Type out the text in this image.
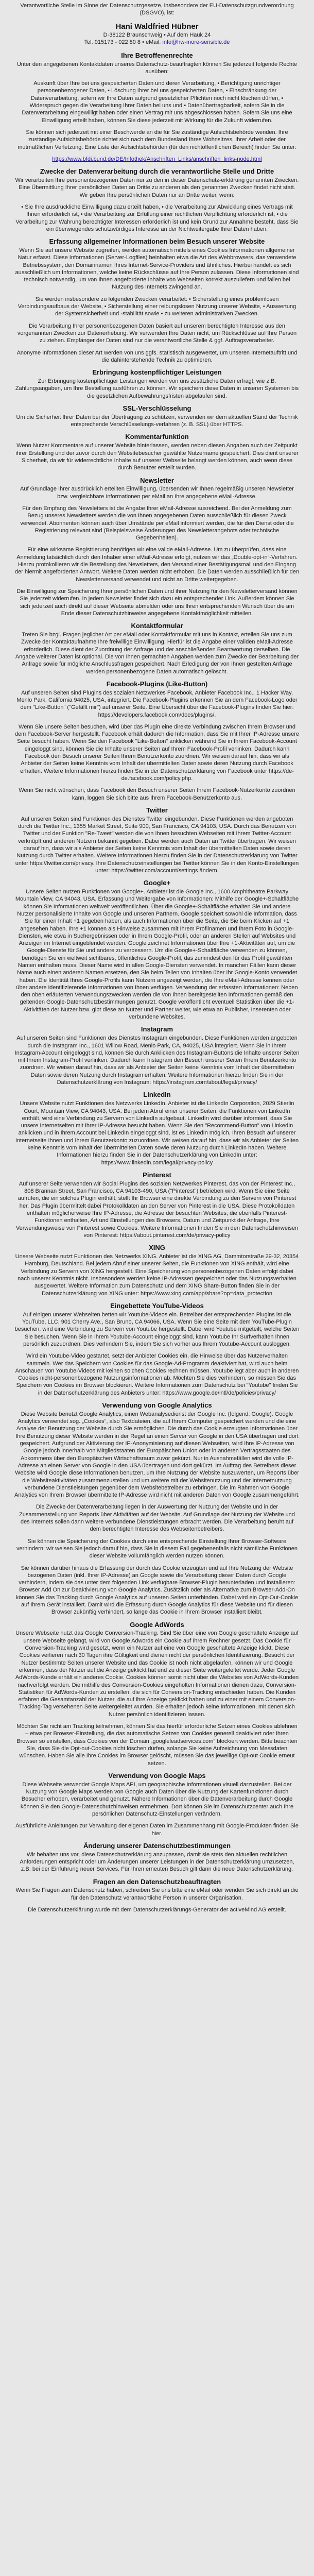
Verantwortliche Stelle im Sinne der Datenschutzgesetze, insbesondere der EU-Datenschutzgrundverordnung (DSGVO), ist:

Hani Waldfried Hübner

D-38122 Braunschweig • Auf dem Hauk 24
Tel. 015173 - 022 80 8 • eMail: info@hw-more-sensible.de

Ihre Betroffenenrechte

Unter den angegebenen Kontaktdaten unseres Datenschutz-beauftragten können Sie jederzeit folgende Rechte ausüben:

Auskunft über Ihre bei uns gespeicherten Daten und deren Verarbeitung, • Berichtigung unrichtiger personenbezogener Daten, • Löschung Ihrer bei uns gespeicherten Daten, • Einschränkung der Datenverarbeitung, sofern wir Ihre Daten aufgrund gesetzlicher Pflichten noch nicht löschen dürfen, • Widerspruch gegen die Verarbeitung Ihrer Daten bei uns und • Datenübertragbarkeit, sofern Sie in die Datenverarbeitung eingewilligt haben oder einen Vertrag mit uns abgeschlossen haben. Sofern Sie uns eine Einwilligung erteilt haben, können Sie diese jederzeit mit Wirkung für die Zukunft widerrufen.

Sie können sich jederzeit mit einer Beschwerde an die für Sie zuständige Aufsichtsbehörde wenden. Ihre zuständige Aufsichtsbehörde richtet sich nach dem Bundesland Ihres Wohnsitzes, Ihrer Arbeit oder der mutmaßlichen Verletzung. Eine Liste der Aufsichtsbehörden (für den nichtöffentlichen Bereich) finden Sie unter:

https://www.bfdi.bund.de/DE/Infothek/Anschriften_Links/anschriften_links-node.html

Zwecke der Datenverarbeitung durch die verantwortliche Stelle und Dritte

Wir verarbeiten Ihre personenbezogenen Daten nur zu den in dieser Datenschutz-erklärung genannten Zwecken. Eine Übermittlung Ihrer persönlichen Daten an Dritte zu anderen als den genannten Zwecken findet nicht statt. Wir geben Ihre persönlichen Daten nur an Dritte weiter, wenn:

• Sie Ihre ausdrückliche Einwilligung dazu erteilt haben, • die Verarbeitung zur Abwicklung eines Vertrags mit Ihnen erforderlich ist, • die Verarbeitung zur Erfüllung einer rechtlichen Verpflichtung erforderlich ist, • die Verarbeitung zur Wahrung berechtigter Interessen erforderlich ist und kein Grund zur Annahme besteht, dass Sie ein überwiegendes schutzwürdiges Interesse an der Nichtweitergabe Ihrer Daten haben.

Erfassung allgemeiner Informationen beim Besuch unserer Website

Wenn Sie auf unsere Website zugreifen, werden automatisch mittels eines Cookies Informationen allgemeiner Natur erfasst. Diese Informationen (Server-Logfiles) beinhalten etwa die Art des Webbrowsers, das verwendete Betriebssystem, den Domainnamen Ihres Internet-Service-Providers und ähnliches. Hierbei handelt es sich ausschließlich um Informationen, welche keine Rückschlüsse auf Ihre Person zulassen. Diese Informationen sind technisch notwendig, um von Ihnen angeforderte Inhalte von Webseiten korrekt auszuliefern und fallen bei Nutzung des Internets zwingend an.

Sie werden insbesondere zu folgenden Zwecken verarbeitet: • Sicherstellung eines problemlosen Verbindungsaufbaus der Website, • Sicherstellung einer reibungslosen Nutzung unserer Website, • Auswertung der Systemsicherheit und -stabilität sowie • zu weiteren administrativen Zwecken.

Die Verarbeitung Ihrer personenbezogenen Daten basiert auf unserem berechtigten Interesse aus den vorgenannten Zwecken zur Datenerhebung. Wir verwenden Ihre Daten nicht, um Rückschlüsse auf Ihre Person zu ziehen. Empfänger der Daten sind nur die verantwortliche Stelle & ggf. Auftragsverarbeiter.

Anonyme Informationen dieser Art werden von uns ggfs. statistisch ausgewertet, um unseren Internetauftritt und die dahinterstehende Technik zu optimieren.

Erbringung kostenpflichtiger Leistungen

Zur Erbringung kostenpflichtiger Leistungen werden von uns zusätzliche Daten erfragt, wie z.B. Zahlungsangaben, um Ihre Bestellung ausführen zu können. Wir speichern diese Daten in unseren Systemen bis die gesetzlichen Aufbewahrungsfristen abgelaufen sind.

SSL-Verschlüsselung

Um die Sicherheit Ihrer Daten bei der Übertragung zu schützen, verwenden wir dem aktuellen Stand der Technik entsprechende Verschlüsselungs-verfahren (z. B. SSL) über HTTPS.

Kommentarfunktion

Wenn Nutzer Kommentare auf unserer Website hinterlassen, werden neben diesen Angaben auch der Zeitpunkt ihrer Erstellung und der zuvor durch den Websitebesucher gewählte Nutzername gespeichert. Dies dient unserer Sicherheit, da wir für widerrechtliche Inhalte auf unserer Webseite belangt werden können, auch wenn diese durch Benutzer erstellt wurden.

Newsletter

Auf Grundlage Ihrer ausdrücklich erteilten Einwilligung, übersenden wir Ihnen regelmäßig unseren Newsletter bzw. vergleichbare Informationen per eMail an Ihre angegebene eMail-Adresse.

Für den Empfang des Newsletters ist die Angabe Ihrer eMail-Adresse ausreichend. Bei der Anmeldung zum Bezug unseres Newsletters werden die von Ihnen angegebenen Daten ausschließlich für diesen Zweck verwendet. Abonnenten können auch über Umstände per eMail informiert werden, die für den Dienst oder die Registrierung relevant sind (Beispielsweise Änderungen des Newsletterangebots oder technische Gegebenheiten).

Für eine wirksame Registrierung benötigen wir eine valide eMail-Adresse. Um zu überprüfen, dass eine Anmeldung tatsächlich durch den Inhaber einer eMail-Adresse erfolgt, nutzen wir das „Double-opt-in“-Verfahren. Hierzu protokollieren wir die Bestellung des Newsletters, den Versand einer Bestätigungsmail und den Eingang der hiermit angeforderten Antwort. Weitere Daten werden nicht erhoben. Die Daten werden ausschließlich für den Newsletterversand verwendet und nicht an Dritte weitergegeben.

Die Einwilligung zur Speicherung Ihrer persönlichen Daten und ihrer Nutzung für den Newsletterversand können Sie jederzeit widerrufen. In jedem Newsletter findet sich dazu ein entsprechender Link. Außerdem können Sie sich jederzeit auch direkt auf dieser Webseite abmelden oder uns Ihren entsprechenden Wunsch über die am Ende dieser Datenschutzhinweise angegebene Kontaktmöglichkeit mitteilen.

Kontaktformular

Treten Sie bzgl. Fragen jeglicher Art per eMail oder Kontaktformular mit uns in Kontakt, erteilen Sie uns zum Zwecke der Kontaktaufnahme Ihre freiwillige Einwilligung. Hierfür ist die Angabe einer validen eMail-Adresse erforderlich. Diese dient der Zuordnung der Anfrage und der anschließenden Beantwortung derselben. Die Angabe weiterer Daten ist optional. Die von Ihnen gemachten Angaben werden zum Zwecke der Bearbeitung der Anfrage sowie für mögliche Anschlussfragen gespeichert. Nach Erledigung der von Ihnen gestellten Anfrage werden personenbezogene Daten automatisch gelöscht.

Facebook-Plugins (Like-Button)

Auf unseren Seiten sind Plugins des sozialen Netzwerkes Facebook, Anbieter Facebook Inc., 1 Hacker Way, Menlo Park, California 94025, USA, integriert. Die Facebook-Plugins erkennen Sie an dem Facebook-Logo oder dem "Like-Button" ("Gefällt mir") auf unserer Seite. Eine Übersicht über die Facebook-Plugins finden Sie hier: https://developers.facebook.com/docs/plugins/.

Wenn Sie unsere Seiten besuchen, wird über das Plugin eine direkte Verbindung zwischen Ihrem Browser und dem Facebook-Server hergestellt. Facebook erhält dadurch die Information, dass Sie mit Ihrer IP-Adresse unsere Seite besucht haben. Wenn Sie den Facebook "Like-Button" anklicken während Sie in Ihrem Facebook-Account eingeloggt sind, können Sie die Inhalte unserer Seiten auf Ihrem Facebook-Profil verlinken. Dadurch kann Facebook den Besuch unserer Seiten Ihrem Benutzerkonto zuordnen. Wir weisen darauf hin, dass wir als Anbieter der Seiten keine Kenntnis vom Inhalt der übermittelten Daten sowie deren Nutzung durch Facebook erhalten. Weitere Informationen hierzu finden Sie in der Datenschutzerklärung von Facebook unter https://de-de.facebook.com/policy.php.

Wenn Sie nicht wünschen, dass Facebook den Besuch unserer Seiten Ihrem Facebook-Nutzerkonto zuordnen kann, loggen Sie sich bitte aus Ihrem Facebook-Benutzerkonto aus.

Twitter

Auf unseren Seiten sind Funktionen des Dienstes Twitter eingebunden. Diese Funktionen werden angeboten durch die Twitter Inc., 1355 Market Street, Suite 900, San Francisco, CA 94103, USA. Durch das Benutzen von Twitter und der Funktion "Re-Tweet" werden die von Ihnen besuchten Webseiten mit Ihrem Twitter-Account verknüpft und anderen Nutzern bekannt gegeben. Dabei werden auch Daten an Twitter übertragen. Wir weisen darauf hin, dass wir als Anbieter der Seiten keine Kenntnis vom Inhalt der übermittelten Daten sowie deren Nutzung durch Twitter erhalten. Weitere Informationen hierzu finden Sie in der Datenschutzerklärung von Twitter unter https://twitter.com/privacy. Ihre Datenschutzeinstellungen bei Twitter können Sie in den Konto-Einstellungen unter: https://twitter.com/account/settings ändern.

Google+

Unsere Seiten nutzen Funktionen von Google+. Anbieter ist die Google Inc., 1600 Amphitheatre Parkway Mountain View, CA 94043, USA. Erfassung und Weitergabe von Informationen: Mithilfe der Google+-Schaltfläche können Sie Informationen weltweit veröffentlichen. Über die Google+-Schaltfläche erhalten Sie und andere Nutzer personalisierte Inhalte von Google und unseren Partnern. Google speichert sowohl die Information, dass Sie für einen Inhalt +1 gegeben haben, als auch Informationen über die Seite, die Sie beim Klicken auf +1 angesehen haben. Ihre +1 können als Hinweise zusammen mit Ihrem Profilnamen und Ihrem Foto in Google-Diensten, wie etwa in Suchergebnissen oder in Ihrem Google-Profil, oder an anderen Stellen auf Websites und Anzeigen im Internet eingeblendet werden. Google zeichnet Informationen über Ihre +1-Aktivitäten auf, um die Google-Dienste für Sie und andere zu verbessern. Um die Google+-Schaltfläche verwenden zu können, benötigen Sie ein weltweit sichtbares, öffentliches Google-Profil, das zumindest den für das Profil gewählten Namen enthalten muss. Dieser Name wird in allen Google-Diensten verwendet. In manchen Fällen kann dieser Name auch einen anderen Namen ersetzen, den Sie beim Teilen von Inhalten über Ihr Google-Konto verwendet haben. Die Identität Ihres Google-Profils kann Nutzern angezeigt werden, die Ihre eMail-Adresse kennen oder über andere identifizierende Informationen von Ihnen verfügen. Verwendung der erfassten Informationen: Neben den oben erläuterten Verwendungszwecken werden die von Ihnen bereitgestellten Informationen gemäß den geltenden Google-Datenschutzbestimmungen genutzt. Google veröffentlicht eventuell Statistiken über die +1-Aktivitäten der Nutzer bzw. gibt diese an Nutzer und Partner weiter, wie etwa an Publisher, Inserenten oder verbundene Websites.

Instagram

Auf unseren Seiten sind Funktionen des Dienstes Instagram eingebunden. Diese Funktionen werden angeboten durch die Instagram Inc., 1601 Willow Road, Menlo Park, CA, 94025, USA integriert. Wenn Sie in Ihrem Instagram-Account eingeloggt sind, können Sie durch Anklicken des Instagram-Buttons die Inhalte unserer Seiten mit Ihrem Instagram-Profil verlinken. Dadurch kann Instagram den Besuch unserer Seiten Ihrem Benutzerkonto zuordnen. Wir weisen darauf hin, dass wir als Anbieter der Seiten keine Kenntnis vom Inhalt der übermittelten Daten sowie deren Nutzung durch Instagram erhalten. Weitere Informationen hierzu finden Sie in der Datenschutzerklärung von Instagram: https://instagram.com/about/legal/privacy/

LinkedIn

Unsere Website nutzt Funktionen des Netzwerks LinkedIn. Anbieter ist die LinkedIn Corporation, 2029 Stierlin Court, Mountain View, CA 94043, USA. Bei jedem Abruf einer unserer Seiten, die Funktionen von LinkedIn enthält, wird eine Verbindung zu Servern von LinkedIn aufgebaut. LinkedIn wird darüber informiert, dass Sie unsere Internetseiten mit Ihrer IP-Adresse besucht haben. Wenn Sie den "Recommend-Button" von LinkedIn anklicken und in Ihrem Account bei LinkedIn eingeloggt sind, ist es LinkedIn möglich, Ihren Besuch auf unserer Internetseite Ihnen und Ihrem Benutzerkonto zuzuordnen. Wir weisen darauf hin, dass wir als Anbieter der Seiten keine Kenntnis vom Inhalt der übermittelten Daten sowie deren Nutzung durch LinkedIn haben. Weitere Informationen hierzu finden Sie in der Datenschutzerklärung von LinkedIn unter: https://www.linkedin.com/legal/privacy-policy

Pinterest

Auf unserer Seite verwenden wir Social Plugins des sozialen Netzwerkes Pinterest, das von der Pinterest Inc., 808 Brannan Street, San Francisco, CA 94103-490, USA ("Pinterest") betrieben wird. Wenn Sie eine Seite aufrufen, die ein solches Plugin enthält, stellt Ihr Browser eine direkte Verbindung zu den Servern von Pinterest her. Das Plugin übermittelt dabei Protokolldaten an den Server von Pinterest in die USA. Diese Protokolldaten enthalten möglicherweise Ihre IP-Adresse, die Adresse der besuchten Websites, die ebenfalls Pinterest-Funktionen enthalten, Art und Einstellungen des Browsers, Datum und Zeitpunkt der Anfrage, Ihre Verwendungsweise von Pinterest sowie Cookies. Weitere Informationen finden Sie in den Datenschutzhinweisen von Pinterest: https://about.pinterest.com/de/privacy-policy

XING

Unsere Webseite nutzt Funktionen des Netzwerks XING. Anbieter ist die XING AG, Dammtorstraße 29-32, 20354 Hamburg, Deutschland. Bei jedem Abruf einer unserer Seiten, die Funktionen von XING enthält, wird eine Verbindung zu Servern von XING hergestellt. Eine Speicherung von personenbezogenen Daten erfolgt dabei nach unserer Kenntnis nicht. Insbesondere werden keine IP-Adressen gespeichert oder das Nutzungsverhalten ausgewertet. Weitere Information zum Datenschutz und dem XING Share-Button finden Sie in der Datenschutzerklärung von XING unter: https://www.xing.com/app/share?op=data_protection

Eingebettete YouTube-Videos

Auf einigen unserer Webseiten betten wir Youtube-Videos ein. Betreiber der entsprechenden Plugins ist die YouTube, LLC, 901 Cherry Ave., San Bruno, CA 94066, USA. Wenn Sie eine Seite mit dem YouTube-Plugin besuchen, wird eine Verbindung zu Servern von Youtube hergestellt. Dabei wird Youtube mitgeteilt, welche Seiten Sie besuchen. Wenn Sie in Ihrem Youtube-Account eingeloggt sind, kann Youtube Ihr Surfverhalten Ihnen persönlich zuzuordnen. Dies verhindern Sie, indem Sie sich vorher aus Ihrem Youtube-Account ausloggen.

Wird ein Youtube-Video gestartet, setzt der Anbieter Cookies ein, die Hinweise über das Nutzerverhalten sammeln. Wer das Speichern von Cookies für das Google-Ad-Programm deaktiviert hat, wird auch beim Anschauen von Youtube-Videos mit keinen solchen Cookies rechnen müssen. Youtube legt aber auch in anderen Cookies nicht-personenbezogene Nutzungsinformationen ab. Möchten Sie dies verhindern, so müssen Sie das Speichern von Cookies im Browser blockieren. Weitere Informationen zum Datenschutz bei "Youtube" finden Sie in der Datenschutzerklärung des Anbieters unter: https://www.google.de/intl/de/policies/privacy/

Verwendung von Google Analytics

Diese Website benutzt Google Analytics, einen Webanalysedienst der Google Inc. (folgend: Google). Google Analytics verwendet sog. „Cookies“, also Textdateien, die auf Ihrem Computer gespeichert werden und die eine Analyse der Benutzung der Website durch Sie ermöglichen. Die durch das Cookie erzeugten Informationen über Ihre Benutzung dieser Website werden in der Regel an einen Server von Google in den USA übertragen und dort gespeichert. Aufgrund der Aktivierung der IP-Anonymisierung auf diesen Webseiten, wird Ihre IP-Adresse von Google jedoch innerhalb von Mitgliedstaaten der Europäischen Union oder in anderen Vertragsstaaten des Abkommens über den Europäischen Wirtschaftsraum zuvor gekürzt. Nur in Ausnahmefällen wird die volle IP-Adresse an einen Server von Google in den USA übertragen und dort gekürzt. Im Auftrag des Betreibers dieser Website wird Google diese Informationen benutzen, um Ihre Nutzung der Website auszuwerten, um Reports über die Websiteaktivitäten zusammenzustellen und um weitere mit der Websitenutzung und der Internetnutzung verbundene Dienstleistungen gegenüber dem Websitebetreiber zu erbringen. Die im Rahmen von Google Analytics von Ihrem Browser übermittelte IP-Adresse wird nicht mit anderen Daten von Google zusammengeführt.

Die Zwecke der Datenverarbeitung liegen in der Auswertung der Nutzung der Website und in der Zusammenstellung von Reports über Aktivitäten auf der Website. Auf Grundlage der Nutzung der Website und des Internets sollen dann weitere verbundene Dienstleistungen erbracht werden. Die Verarbeitung beruht auf dem berechtigten Interesse des Webseitenbetreibers.

Sie können die Speicherung der Cookies durch eine entsprechende Einstellung Ihrer Browser-Software verhindern; wir weisen Sie jedoch darauf hin, dass Sie in diesem Fall gegebenenfalls nicht sämtliche Funktionen dieser Website vollumfänglich werden nutzen können.

Sie können darüber hinaus die Erfassung der durch das Cookie erzeugten und auf Ihre Nutzung der Website bezogenen Daten (inkl. Ihrer IP-Adresse) an Google sowie die Verarbeitung dieser Daten durch Google verhindern, indem sie das unter dem folgenden Link verfügbare Browser-Plugin herunterladen und installieren: Browser Add On zur Deaktivierung von Google Analytics. Zusätzlich oder als Alternative zum Browser-Add-On können Sie das Tracking durch Google Analytics auf unseren Seiten unterbinden. Dabei wird ein Opt-Out-Cookie auf Ihrem Gerät installiert. Damit wird die Erfassung durch Google Analytics für diese Website und für diesen Browser zukünftig verhindert, so lange das Cookie in Ihrem Browser installiert bleibt.

Google AdWords

Unsere Webseite nutzt das Google Conversion-Tracking. Sind Sie über eine von Google geschaltete Anzeige auf unsere Webseite gelangt, wird von Google Adwords ein Cookie auf Ihrem Rechner gesetzt. Das Cookie für Conversion-Tracking wird gesetzt, wenn ein Nutzer auf eine von Google geschaltete Anzeige klickt. Diese Cookies verlieren nach 30 Tagen ihre Gültigkeit und dienen nicht der persönlichen Identifizierung. Besucht der Nutzer bestimmte Seiten unserer Website und das Cookie ist noch nicht abgelaufen, können wir und Google erkennen, dass der Nutzer auf die Anzeige geklickt hat und zu dieser Seite weitergeleitet wurde. Jeder Google AdWords-Kunde erhält ein anderes Cookie. Cookies können somit nicht über die Websites von AdWords-Kunden nachverfolgt werden. Die mithilfe des Conversion-Cookies eingeholten Informationen dienen dazu, Conversion-Statistiken für AdWords-Kunden zu erstellen, die sich für Conversion-Tracking entschieden haben. Die Kunden erfahren die Gesamtanzahl der Nutzer, die auf ihre Anzeige geklickt haben und zu einer mit einem Conversion-Tracking-Tag versehenen Seite weitergeleitet wurden. Sie erhalten jedoch keine Informationen, mit denen sich Nutzer persönlich identifizieren lassen.

Möchten Sie nicht am Tracking teilnehmen, können Sie das hierfür erforderliche Setzen eines Cookies ablehnen – etwa per Browser-Einstellung, die das automatische Setzen von Cookies generell deaktiviert oder Ihren Browser so einstellen, dass Cookies von der Domain „googleleadservices.com“ blockiert werden. Bitte beachten Sie, dass Sie die Opt-out-Cookies nicht löschen dürfen, solange Sie keine Aufzeichnung von Messdaten wünschen. Haben Sie alle Ihre Cookies im Browser gelöscht, müssen Sie das jeweilige Opt-out Cookie erneut setzen.

Verwendung von Google Maps

Diese Webseite verwendet Google Maps API, um geographische Informationen visuell darzustellen. Bei der Nutzung von Google Maps werden von Google auch Daten über die Nutzung der Kartenfunktionen durch Besucher erhoben, verarbeitet und genutzt. Nähere Informationen über die Datenverarbeitung durch Google können Sie den Google-Datenschutzhinweisen entnehmen. Dort können Sie im Datenschutzcenter auch Ihre persönlichen Datenschutz-Einstellungen verändern.

Ausführliche Anleitungen zur Verwaltung der eigenen Daten im Zusammenhang mit Google-Produkten finden Sie hier.

Änderung unserer Datenschutzbestimmungen

Wir behalten uns vor, diese Datenschutzerklärung anzupassen, damit sie stets den aktuellen rechtlichen Anforderungen entspricht oder um Änderungen unserer Leistungen in der Datenschutzerklärung umzusetzen, z.B. bei der Einführung neuer Services. Für Ihren erneuten Besuch gilt dann die neue Datenschutzerklärung.

Fragen an den Datenschutzbeauftragten

Wenn Sie Fragen zum Datenschutz haben, schreiben Sie uns bitte eine eMail oder wenden Sie sich direkt an die für den Datenschutz verantwortliche Person in unserer Organisation.

Die Datenschutzerklärung wurde mit dem Datenschutzerklärungs-Generator der activeMind AG erstellt.
